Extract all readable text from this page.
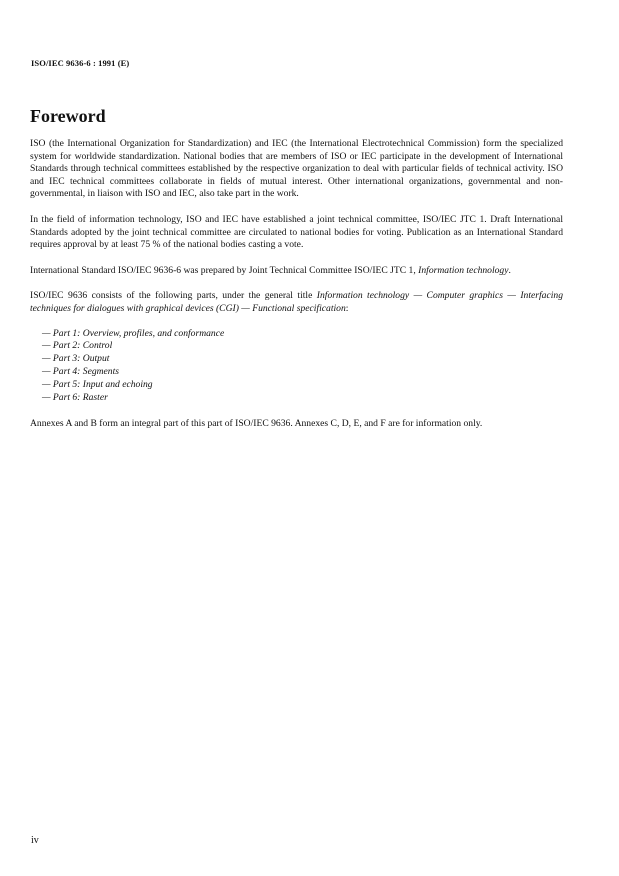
ISO/IEC 9636-6 : 1991 (E)
Foreword

ISO (the International Organization for Standardization) and IEC (the International Electrotechnical Commission) form the specialized system for worldwide standardization. National bodies that are members of ISO or IEC participate in the development of International Standards through technical committees established by the respective organization to deal with particular fields of technical activity. ISO and IEC technical committees collaborate in fields of mutual interest. Other international organizations, governmental and non-governmental, in liaison with ISO and IEC, also take part in the work.

In the field of information technology, ISO and IEC have established a joint technical committee, ISO/IEC JTC 1. Draft International Standards adopted by the joint technical committee are circulated to national bodies for voting. Publication as an International Standard requires approval by at least 75 % of the national bodies casting a vote.

International Standard ISO/IEC 9636-6 was prepared by Joint Technical Committee ISO/IEC JTC 1, Information technology.

ISO/IEC 9636 consists of the following parts, under the general title Information technology — Computer graphics — Interfacing techniques for dialogues with graphical devices (CGI) — Functional specification:

— Part 1: Overview, profiles, and conformance
— Part 2: Control
— Part 3: Output
— Part 4: Segments
— Part 5: Input and echoing
— Part 6: Raster

Annexes A and B form an integral part of this part of ISO/IEC 9636. Annexes C, D, E, and F are for information only.

iv
